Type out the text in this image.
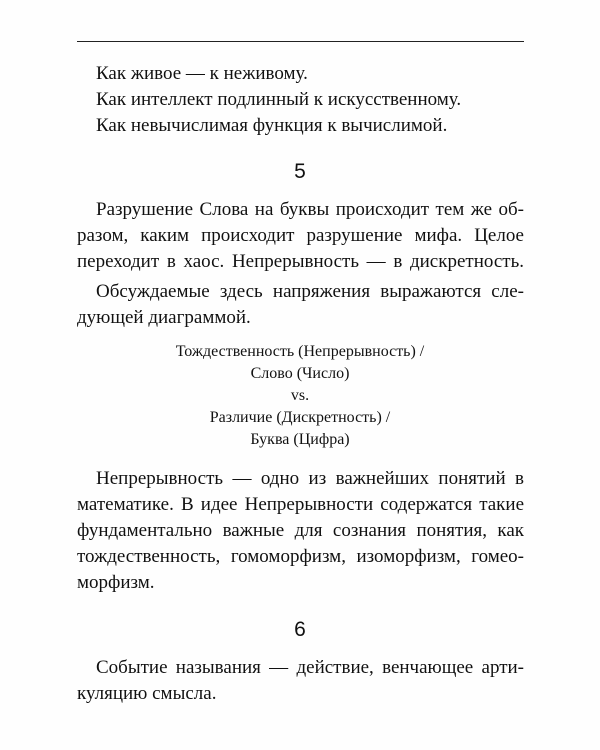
Как живое — к неживому.
Как интеллект подлинный к искусственному.
Как невычислимая функция к вычислимой.
5
Разрушение Слова на буквы происходит тем же об-
разом, каким происходит разрушение мифа. Целое
переходит в хаос. Непрерывность — в дискретность.
Обсуждаемые здесь напряжения выражаются сле-
дующей диаграммой.
Тождественность (Непрерывность) /
Слово (Число)
vs.
Различие (Дискретность) /
Буква (Цифра)
Непрерывность — одно из важнейших понятий в
математике. В идее Непрерывности содержатся такие
фундаментально важные для сознания понятия, как
тождественность, гомоморфизм, изоморфизм, гомео-
морфизм.
6
Событие называния — действие, венчающее арти-
куляцию смысла.
